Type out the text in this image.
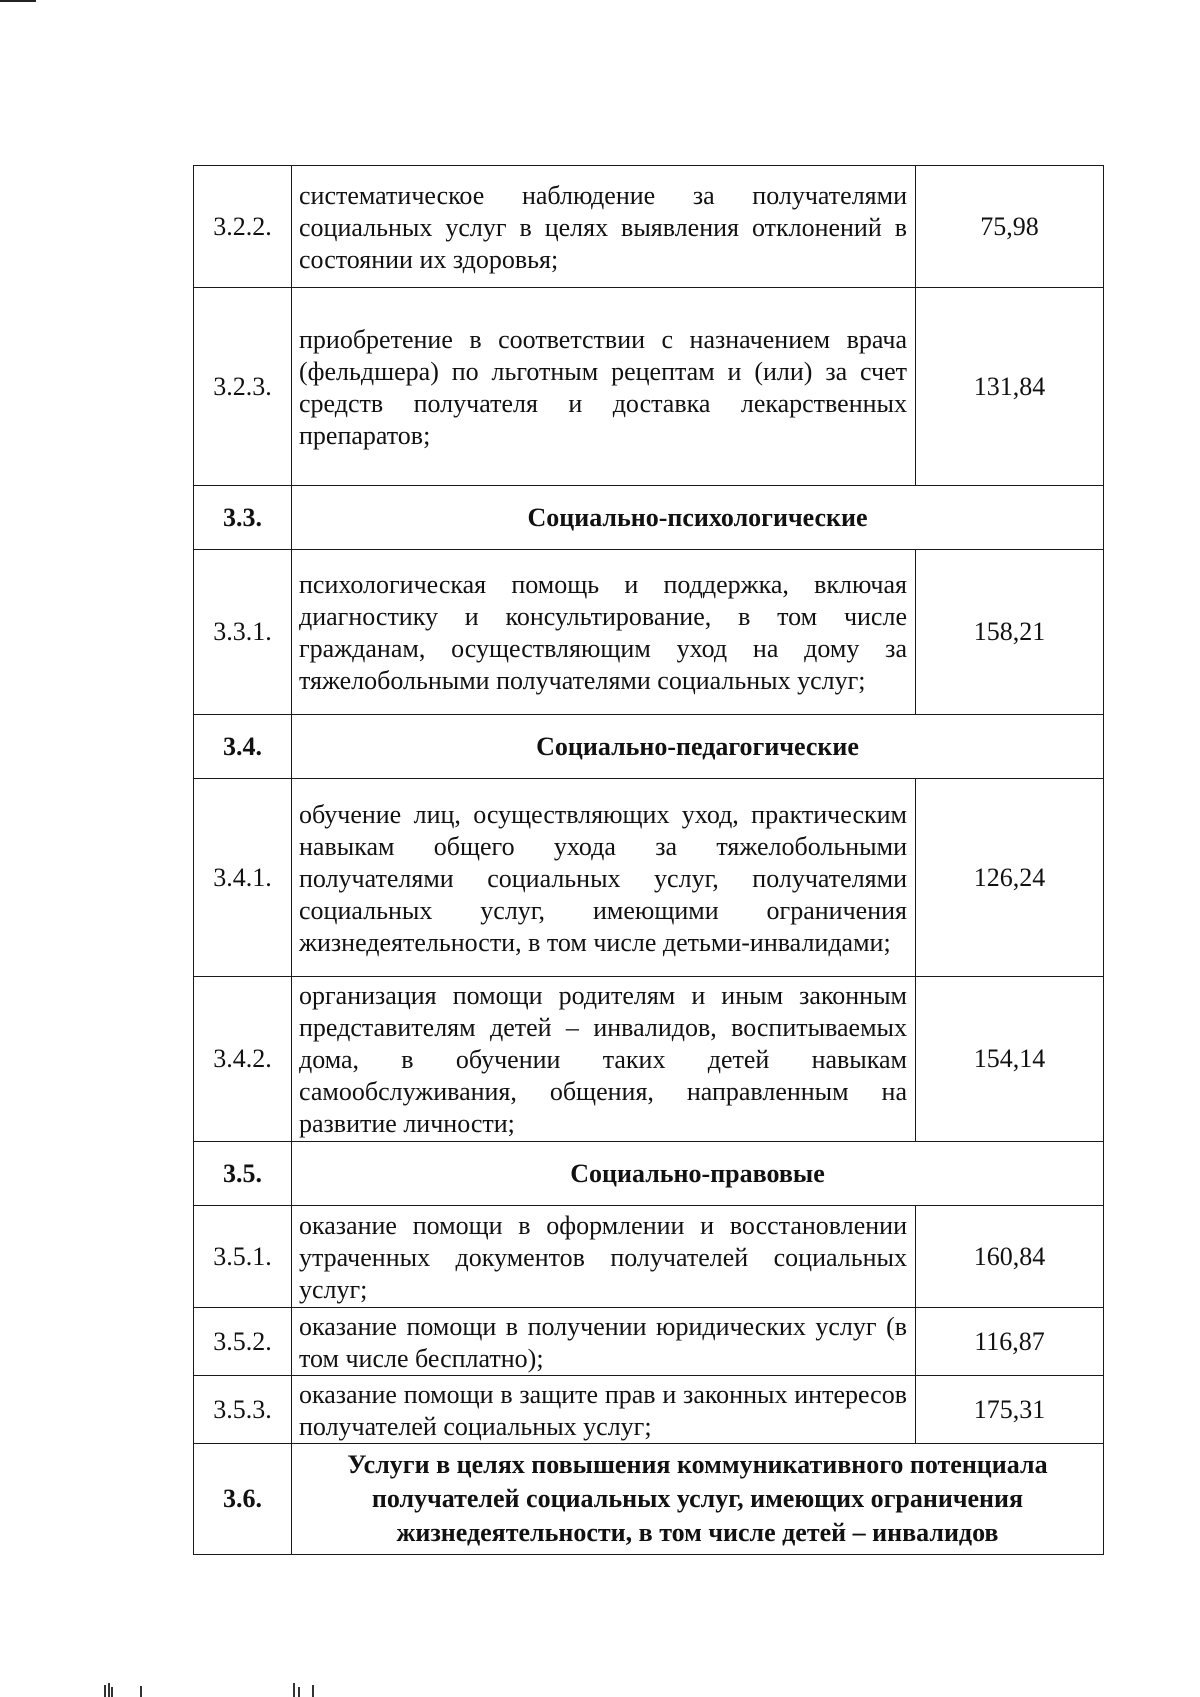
3.2.2.	систематическое наблюдение за получателями социальных услуг в целях выявления отклонений в состоянии их здоровья;	75,98
3.2.3.	приобретение в соответствии с назначением врача (фельдшера) по льготным рецептам и (или) за счет средств получателя и доставка лекарственных препаратов;	131,84
3.3.	Социально-психологические	
3.3.1.	психологическая помощь и поддержка, включая диагностику и консультирование, в том числе гражданам, осуществляющим уход на дому за тяжелобольными получателями социальных услуг;	158,21
3.4.	Социально-педагогические	
3.4.1.	обучение лиц, осуществляющих уход, практическим навыкам общего ухода за тяжелобольными получателями социальных услуг, получателями социальных услуг, имеющими ограничения жизнедеятельности, в том числе детьми-инвалидами;	126,24
3.4.2.	организация помощи родителям и иным законным представителям детей – инвалидов, воспитываемых дома, в обучении таких детей навыкам самообслуживания, общения, направленным на развитие личности;	154,14
3.5.	Социально-правовые	
3.5.1.	оказание помощи в оформлении и восстановлении утраченных документов получателей социальных услуг;	160,84
3.5.2.	оказание помощи в получении юридических услуг (в том числе бесплатно);	116,87
3.5.3.	оказание помощи в защите прав и законных интересов получателей социальных услуг;	175,31
3.6.	Услуги в целях повышения коммуникативного потенциала получателей социальных услуг, имеющих ограничения жизнедеятельности, в том числе детей – инвалидов	
